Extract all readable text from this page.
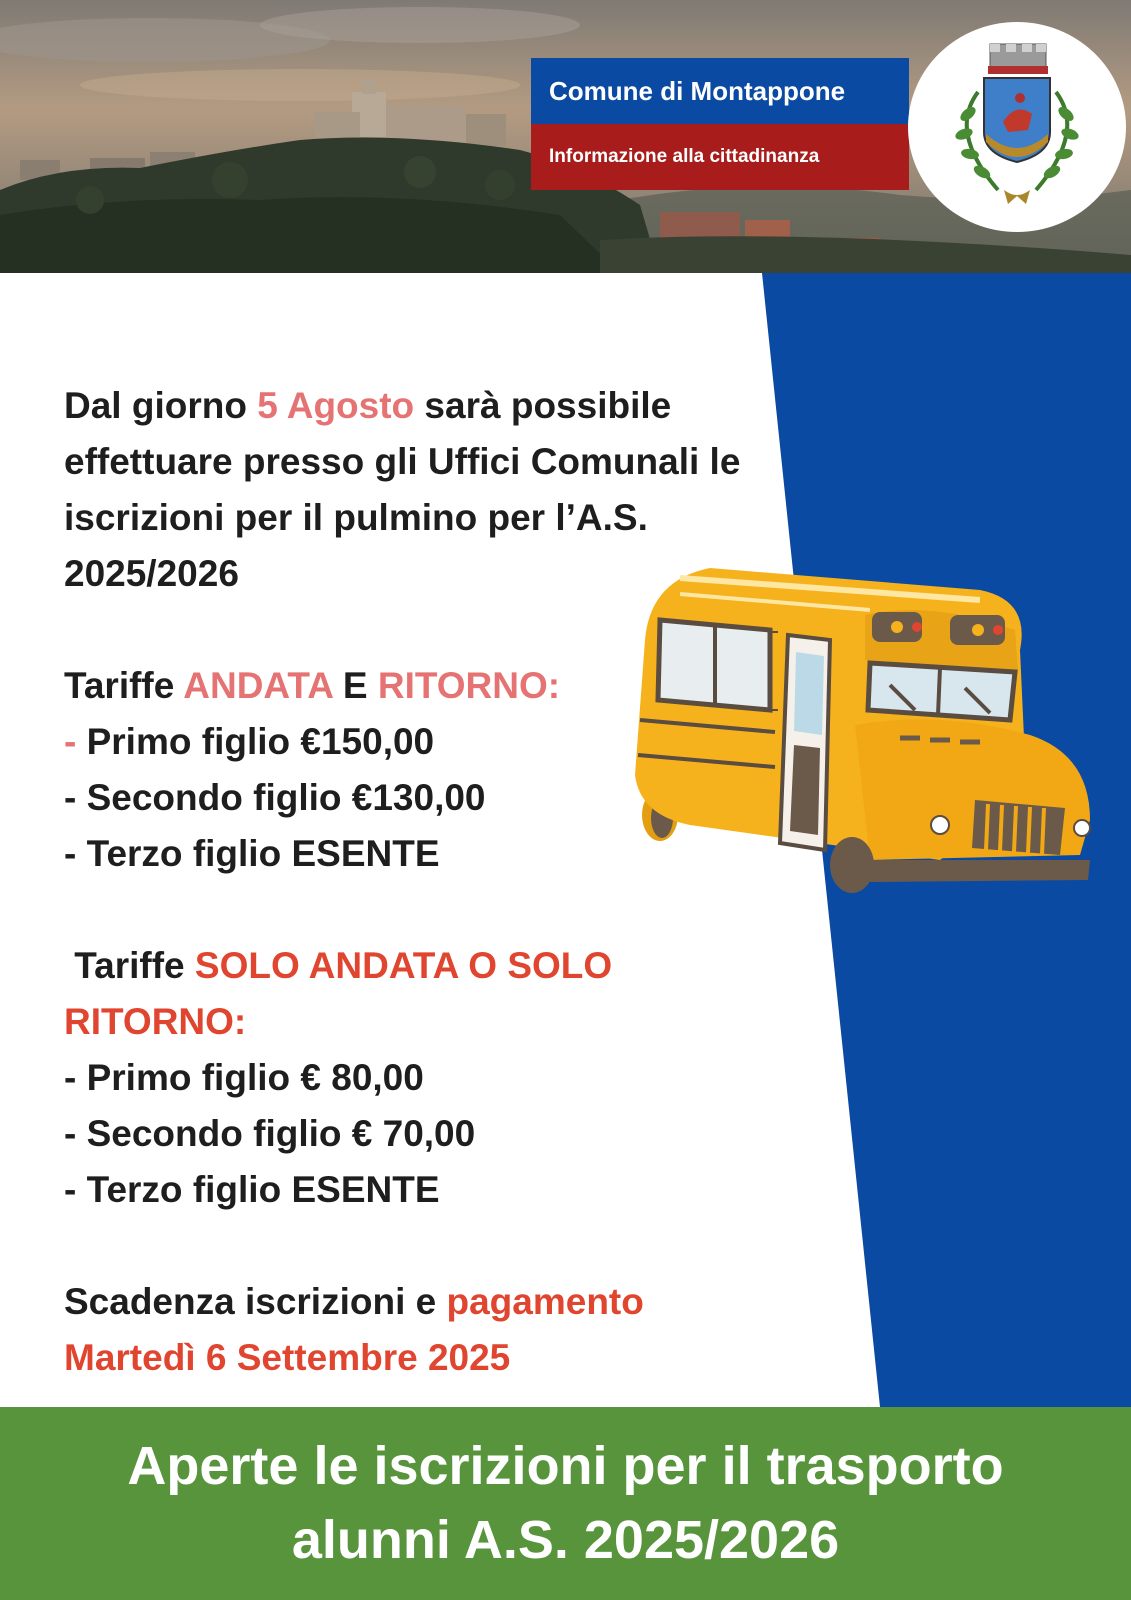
Comune di Montappone
Informazione alla cittadinanza

Dal giorno 5 Agosto sarà possibile effettuare presso gli Uffici Comunali le iscrizioni per il pulmino per l’A.S. 2025/2026

Tariffe ANDATA E RITORNO:

- Primo figlio €150,00

- Secondo figlio €130,00

- Terzo figlio ESENTE

Tariffe SOLO ANDATA O SOLO RITORNO:

- Primo figlio € 80,00

- Secondo figlio € 70,00

- Terzo figlio ESENTE

Scadenza iscrizioni e pagamento

Martedì 6 Settembre 2025

Aperte le iscrizioni per il trasporto
alunni A.S. 2025/2026
